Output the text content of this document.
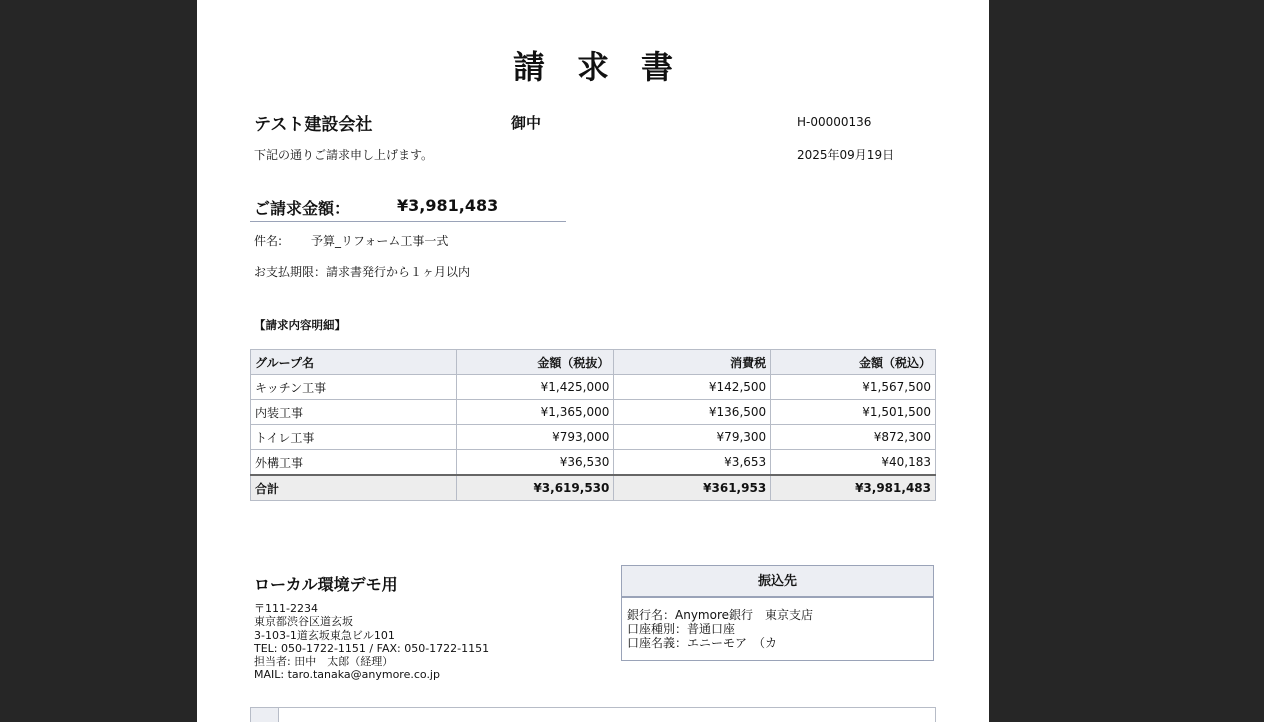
請　求　書
テスト建設会社	御中	H-00000136
下記の通りご請求申し上げます。	2025年09月19日
ご請求金額：	¥3,981,483
件名: 予算_リフォーム工事一式
お支払期限：請求書発行から１ヶ月以内
【請求内容明細】
グループ名	金額（税抜）	消費税	金額（税込）
キッチン工事	¥1,425,000	¥142,500	¥1,567,500
内装工事	¥1,365,000	¥136,500	¥1,501,500
トイレ工事	¥793,000	¥79,300	¥872,300
外構工事	¥36,530	¥3,653	¥40,183
合計	¥3,619,530	¥361,953	¥3,981,483
ローカル環境デモ用
〒111-2234
東京都渋谷区道玄坂
3-103-1道玄坂東急ビル101
TEL: 050-1722-1151 / FAX: 050-1722-1151
担当者: 田中　太郎（経理）
MAIL: taro.tanaka@anymore.co.jp
振込先
銀行名：Anymore銀行　東京支店
口座種別：普通口座
口座名義：エニーモア　（カ
